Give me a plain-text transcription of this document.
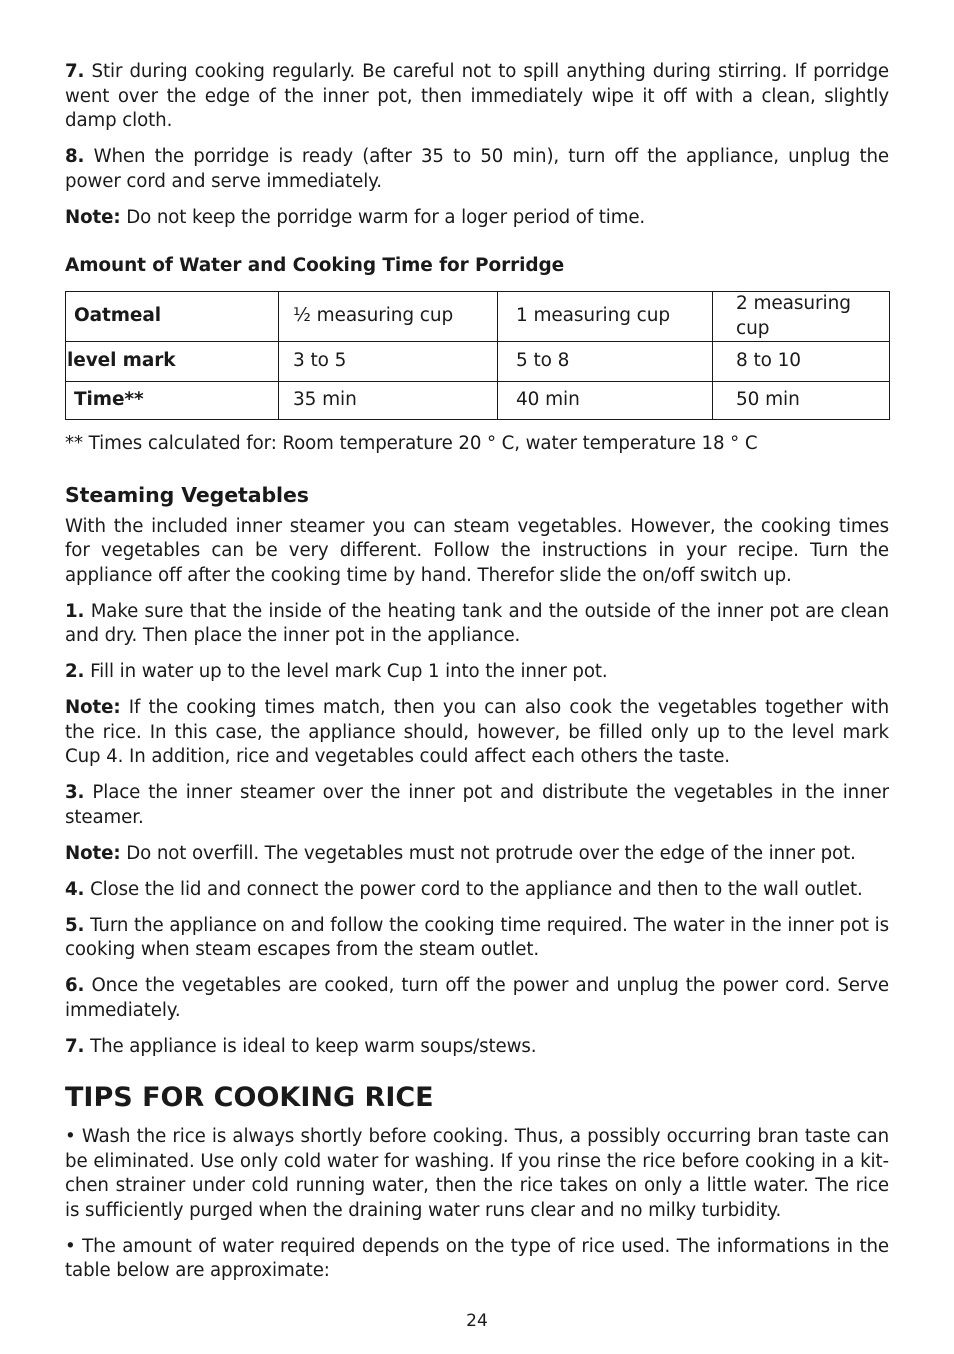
7. Stir during cooking regularly. Be careful not to spill anything during stirring. If porridge went over the edge of the inner pot, then immediately wipe it off with a clean, slightly damp cloth.

8. When the porridge is ready (after 35 to 50 min), turn off the appliance, unplug the power cord and serve immediately.

Note: Do not keep the porridge warm for a loger period of time.

Amount of Water and Cooking Time for Porridge
Oatmeal	½ measuring cup	1 measuring cup	2 measuring cup
level mark	3 to 5	5 to 8	8 to 10
Time**	35 min	40 min	50 min

** Times calculated for: Room temperature 20 ° C, water temperature 18 ° C

Steaming Vegetables

With the included inner steamer you can steam vegetables. However, the cooking times for vegetables can be very different. Follow the instructions in your recipe. Turn the appliance off after the cooking time by hand. Therefor slide the on/off switch up.

1. Make sure that the inside of the heating tank and the outside of the inner pot are clean and dry. Then place the inner pot in the appliance.

2. Fill in water up to the level mark Cup 1 into the inner pot.

Note: If the cooking times match, then you can also cook the vegetables together with the rice. In this case, the appliance should, however, be filled only up to the level mark Cup 4. In addition, rice and vegetables could affect each others the taste.

3. Place the inner steamer over the inner pot and distribute the vegetables in the inner steamer.

Note: Do not overfill. The vegetables must not protrude over the edge of the inner pot.

4. Close the lid and connect the power cord to the appliance and then to the wall outlet.

5. Turn the appliance on and follow the cooking time required. The water in the inner pot is cooking when steam escapes from the steam outlet.

6. Once the vegetables are cooked, turn off the power and unplug the power cord. Serve immediately.

7. The appliance is ideal to keep warm soups/stews.

TIPS FOR COOKING RICE

• Wash the rice is always shortly before cooking. Thus, a possibly occurring bran taste can be eliminated. Use only cold water for washing. If you rinse the rice before cooking in a kit-chen strainer under cold running water, then the rice takes on only a little water. The rice is sufficiently purged when the draining water runs clear and no milky turbidity.

• The amount of water required depends on the type of rice used. The informations in the table below are approximate:

24
